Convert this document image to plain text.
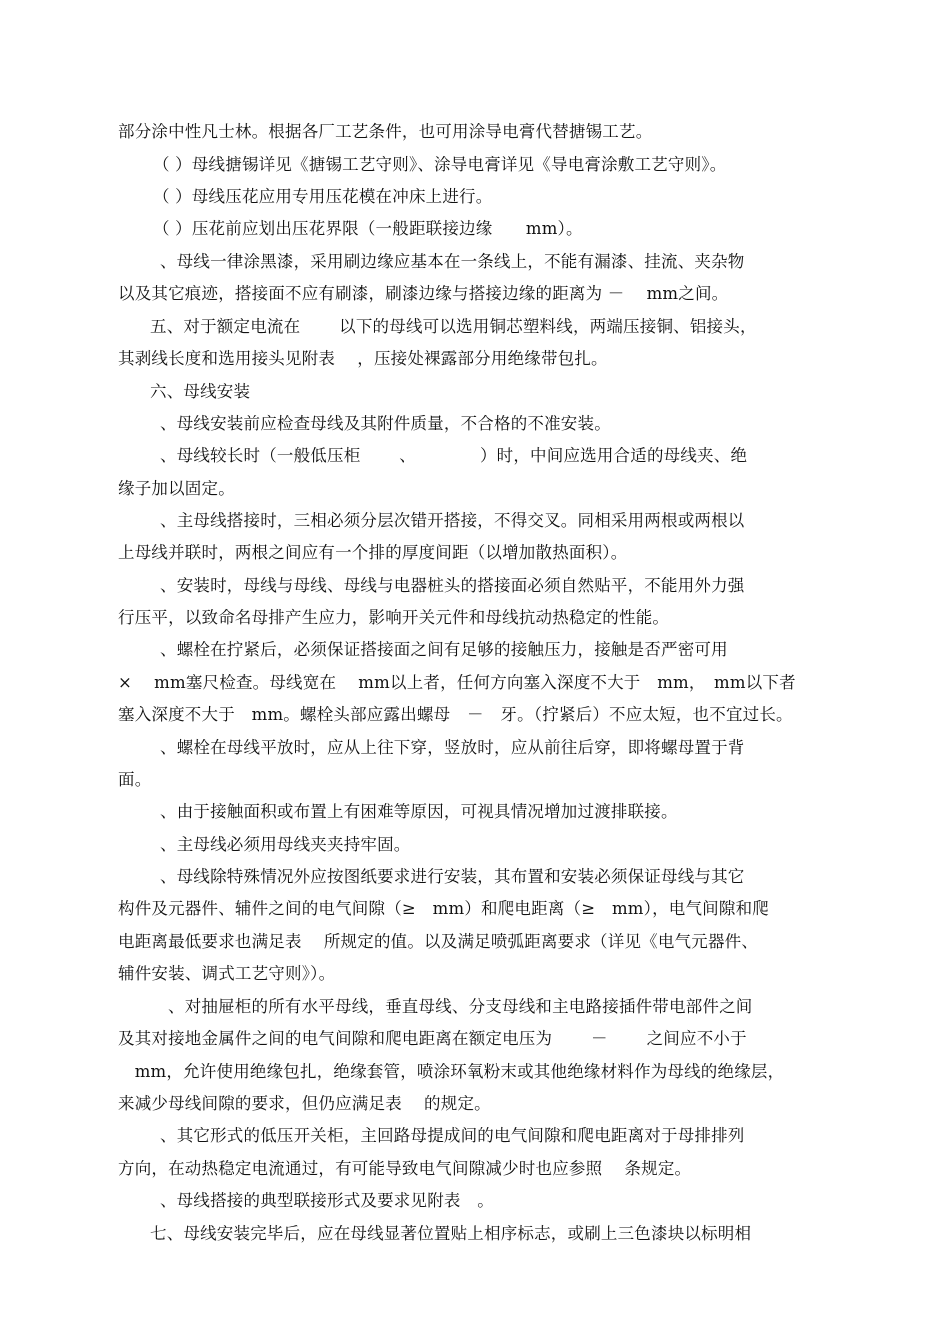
部分涂中性凡士林。根据各厂工艺条件，也可用涂导电膏代替搪锡工艺。
（ ）母线搪锡详见《搪锡工艺守则》、涂导电膏详见《导电膏涂敷工艺守则》。
（ ）母线压花应用专用压花模在冲床上进行。
（ ）压花前应划出压花界限（一般距联接边缘　　mm）。
、母线一律涂黑漆，采用刷边缘应基本在一条线上，不能有漏漆、挂流、夹杂物
以及其它痕迹，搭接面不应有刷漆，刷漆边缘与搭接边缘的距离为 －　 mm之间。
五、对于额定电流在　　 以下的母线可以选用铜芯塑料线，两端压接铜、铝接头，
其剥线长度和选用接头见附表　 ，压接处裸露部分用绝缘带包扎。
六、母线安装
、母线安装前应检查母线及其附件质量，不合格的不准安装。
、母线较长时（一般低压柜　　 、　　　　 ）时，中间应选用合适的母线夹、绝
缘子加以固定。
、主母线搭接时，三相必须分层次错开搭接，不得交叉。同相采用两根或两根以
上母线并联时，两根之间应有一个排的厚度间距（以增加散热面积）。
、安装时，母线与母线、母线与电器桩头的搭接面必须自然贴平，不能用外力强
行压平，以致命名母排产生应力，影响开关元件和母线抗动热稳定的性能。
、螺栓在拧紧后，必须保证搭接面之间有足够的接触压力，接触是否严密可用
×　 mm塞尺检查。母线宽在　 mm以上者，任何方向塞入深度不大于　mm，　mm以下者
塞入深度不大于　mm。螺栓头部应露出螺母　－　牙。（拧紧后）不应太短，也不宜过长。
、螺栓在母线平放时，应从上往下穿，竖放时，应从前往后穿，即将螺母置于背
面。
、由于接触面积或布置上有困难等原因，可视具情况增加过渡排联接。
、主母线必须用母线夹夹持牢固。
、母线除特殊情况外应按图纸要求进行安装，其布置和安装必须保证母线与其它
构件及元器件、辅件之间的电气间隙（≥　mm）和爬电距离（≥　mm），电气间隙和爬
电距离最低要求也满足表　 所规定的值。以及满足喷弧距离要求（详见《电气元器件、
辅件安装、调式工艺守则》）。
、对抽屉柜的所有水平母线，垂直母线、分支母线和主电路接插件带电部件之间
及其对接地金属件之间的电气间隙和爬电距离在额定电压为　　 －　　 之间应不小于
　mm，允许使用绝缘包扎，绝缘套管，喷涂环氧粉末或其他绝缘材料作为母线的绝缘层，
来减少母线间隙的要求，但仍应满足表　 的规定。
、其它形式的低压开关柜，主回路母提成间的电气间隙和爬电距离对于母排排列
方向，在动热稳定电流通过，有可能导致电气间隙减少时也应参照　 条规定。
、母线搭接的典型联接形式及要求见附表　。
七、母线安装完毕后，应在母线显著位置贴上相序标志，或刷上三色漆块以标明相
